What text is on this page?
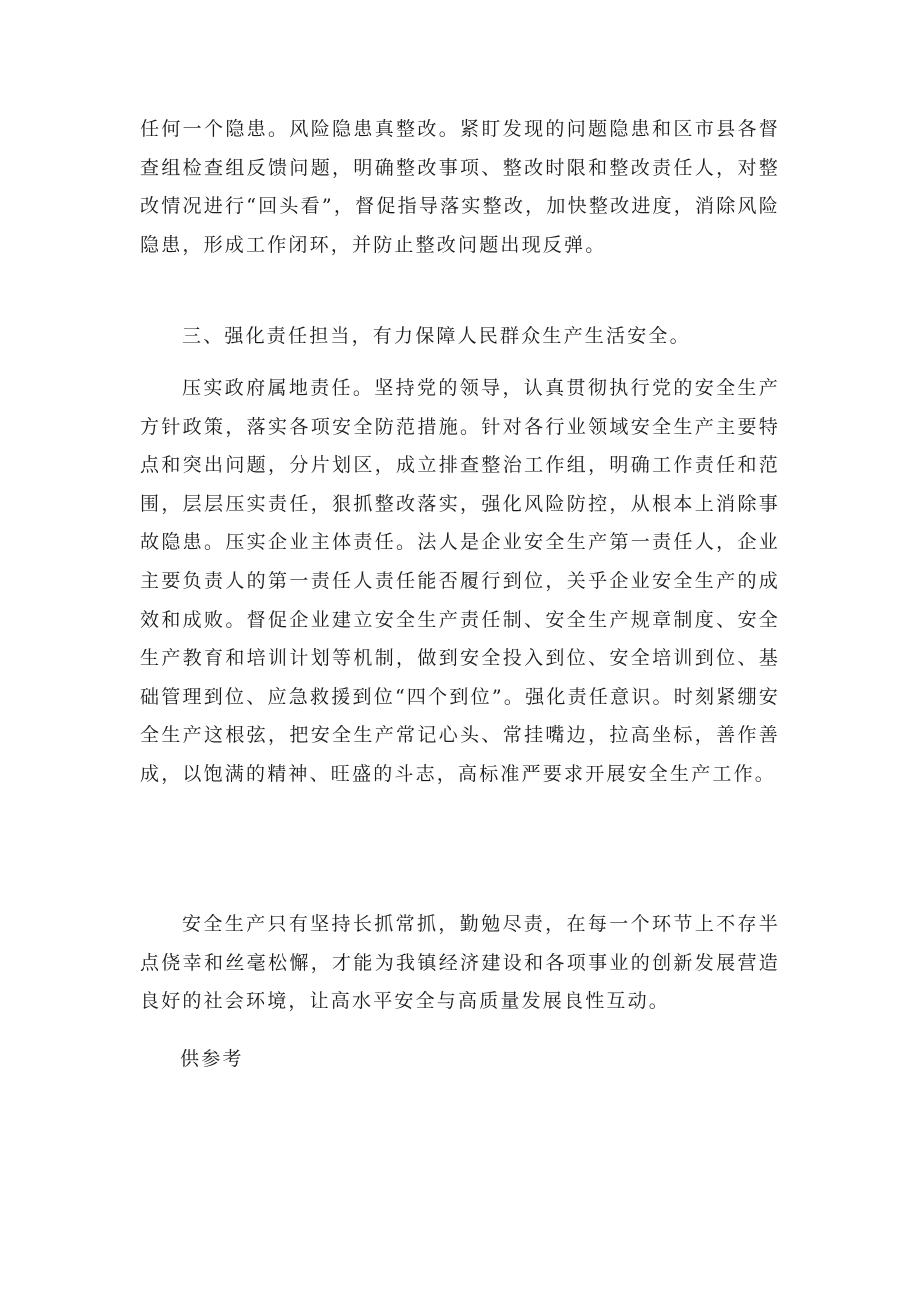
任何一个隐患。风险隐患真整改。紧盯发现的问题隐患和区市县各督查组检查组反馈问题，明确整改事项、整改时限和整改责任人，对整改情况进行“回头看”，督促指导落实整改，加快整改进度，消除风险隐患，形成工作闭环，并防止整改问题出现反弹。

三、强化责任担当，有力保障人民群众生产生活安全。

压实政府属地责任。坚持党的领导，认真贯彻执行党的安全生产方针政策，落实各项安全防范措施。针对各行业领域安全生产主要特点和突出问题，分片划区，成立排查整治工作组，明确工作责任和范围，层层压实责任，狠抓整改落实，强化风险防控，从根本上消除事故隐患。压实企业主体责任。法人是企业安全生产第一责任人，企业主要负责人的第一责任人责任能否履行到位，关乎企业安全生产的成效和成败。督促企业建立安全生产责任制、安全生产规章制度、安全生产教育和培训计划等机制，做到安全投入到位、安全培训到位、基础管理到位、应急救援到位“四个到位”。强化责任意识。时刻紧绷安全生产这根弦，把安全生产常记心头、常挂嘴边，拉高坐标，善作善成，以饱满的精神、旺盛的斗志，高标准严要求开展安全生产工作。

安全生产只有坚持长抓常抓，勤勉尽责，在每一个环节上不存半点侥幸和丝毫松懈，才能为我镇经济建设和各项事业的创新发展营造良好的社会环境，让高水平安全与高质量发展良性互动。

供参考
